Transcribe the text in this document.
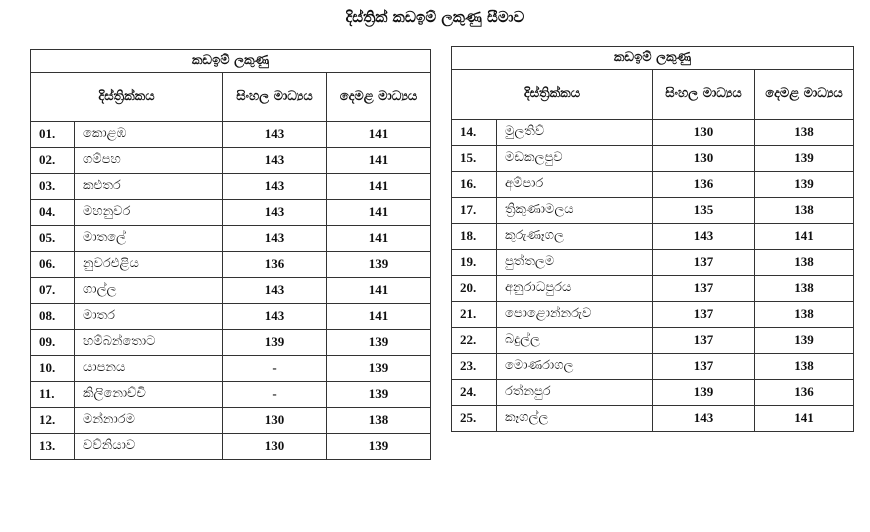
දිස්ත්‍රික් කඩඉම් ලකුණු සීමාව
කඩඉම් ලකුණු			
දිස්ත්‍රික්කය		සිංහල මාධ්‍යය	දෙමළ මාධ්‍යය
01.	කොළඹ	143	141
02.	ගම්පහ	143	141
03.	කළුතර	143	141
04.	මහනුවර	143	141
05.	මාතලේ	143	141
06.	නුවරඑළිය	136	139
07.	ගාල්ල	143	141
08.	මාතර	143	141
09.	හම්බන්තොට	139	139
10.	යාපනය	-	139
11.	කිලිනොච්චි	-	139
12.	මන්නාරම	130	138
13.	වව්නියාව	130	139
කඩඉම් ලකුණු			
දිස්ත්‍රික්කය		සිංහල මාධ්‍යය	දෙමළ මාධ්‍යය
14.	මුලතිව්	130	138
15.	මඩකලපුව	130	139
16.	අම්පාර	136	139
17.	ත්‍රිකුණාමලය	135	138
18.	කුරුණෑගල	143	141
19.	පුත්තලම	137	138
20.	අනුරාධපුරය	137	138
21.	පොළොන්නරුව	137	138
22.	බදුල්ල	137	139
23.	මොණරාගල	137	138
24.	රත්නපුර	139	136
25.	කෑගල්ල	143	141
